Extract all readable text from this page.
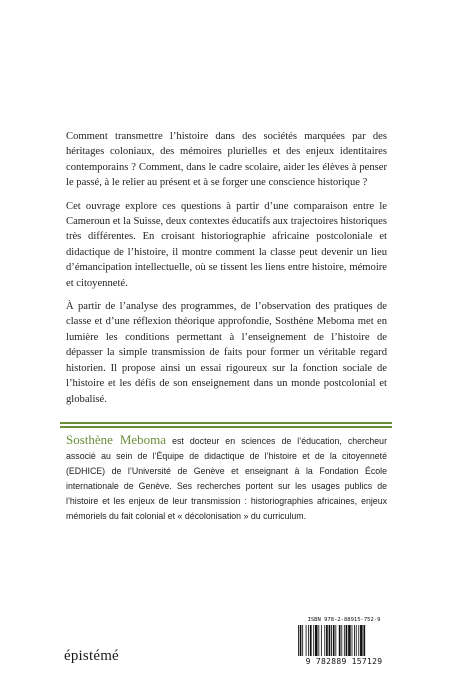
Comment transmettre l’histoire dans des sociétés marquées par des héritages coloniaux, des mémoires plurielles et des enjeux identitaires contemporains ? Comment, dans le cadre scolaire, aider les élèves à penser le passé, à le relier au présent et à se forger une conscience historique ?

Cet ouvrage explore ces questions à partir d’une comparaison entre le Cameroun et la Suisse, deux contextes éducatifs aux trajectoires historiques très différentes. En croisant historiographie africaine postcoloniale et didactique de l’histoire, il montre comment la classe peut devenir un lieu d’émancipation intellectuelle, où se tissent les liens entre histoire, mémoire et citoyenneté.

À partir de l’analyse des programmes, de l’observation des pratiques de classe et d’une réflexion théorique approfondie, Sosthène Meboma met en lumière les conditions permettant à l’enseignement de l’histoire de dépasser la simple transmission de faits pour former un véritable regard historien. Il propose ainsi un essai rigoureux sur la fonction sociale de l’histoire et les défis de son enseignement dans un monde postcolonial et globalisé.

Sosthène Meboma est docteur en sciences de l’éducation, chercheur associé au sein de l’Équipe de didactique de l’histoire et de la citoyenneté (EDHICE) de l’Université de Genève et enseignant à la Fondation École internationale de Genève. Ses recherches portent sur les usages publics de l’histoire et les enjeux de leur transmission : historiographies africaines, enjeux mémoriels du fait colonial et « décolonisation » du curriculum.

ISBN 978-2-88915-752-9
9 782889 157129
épistémé
